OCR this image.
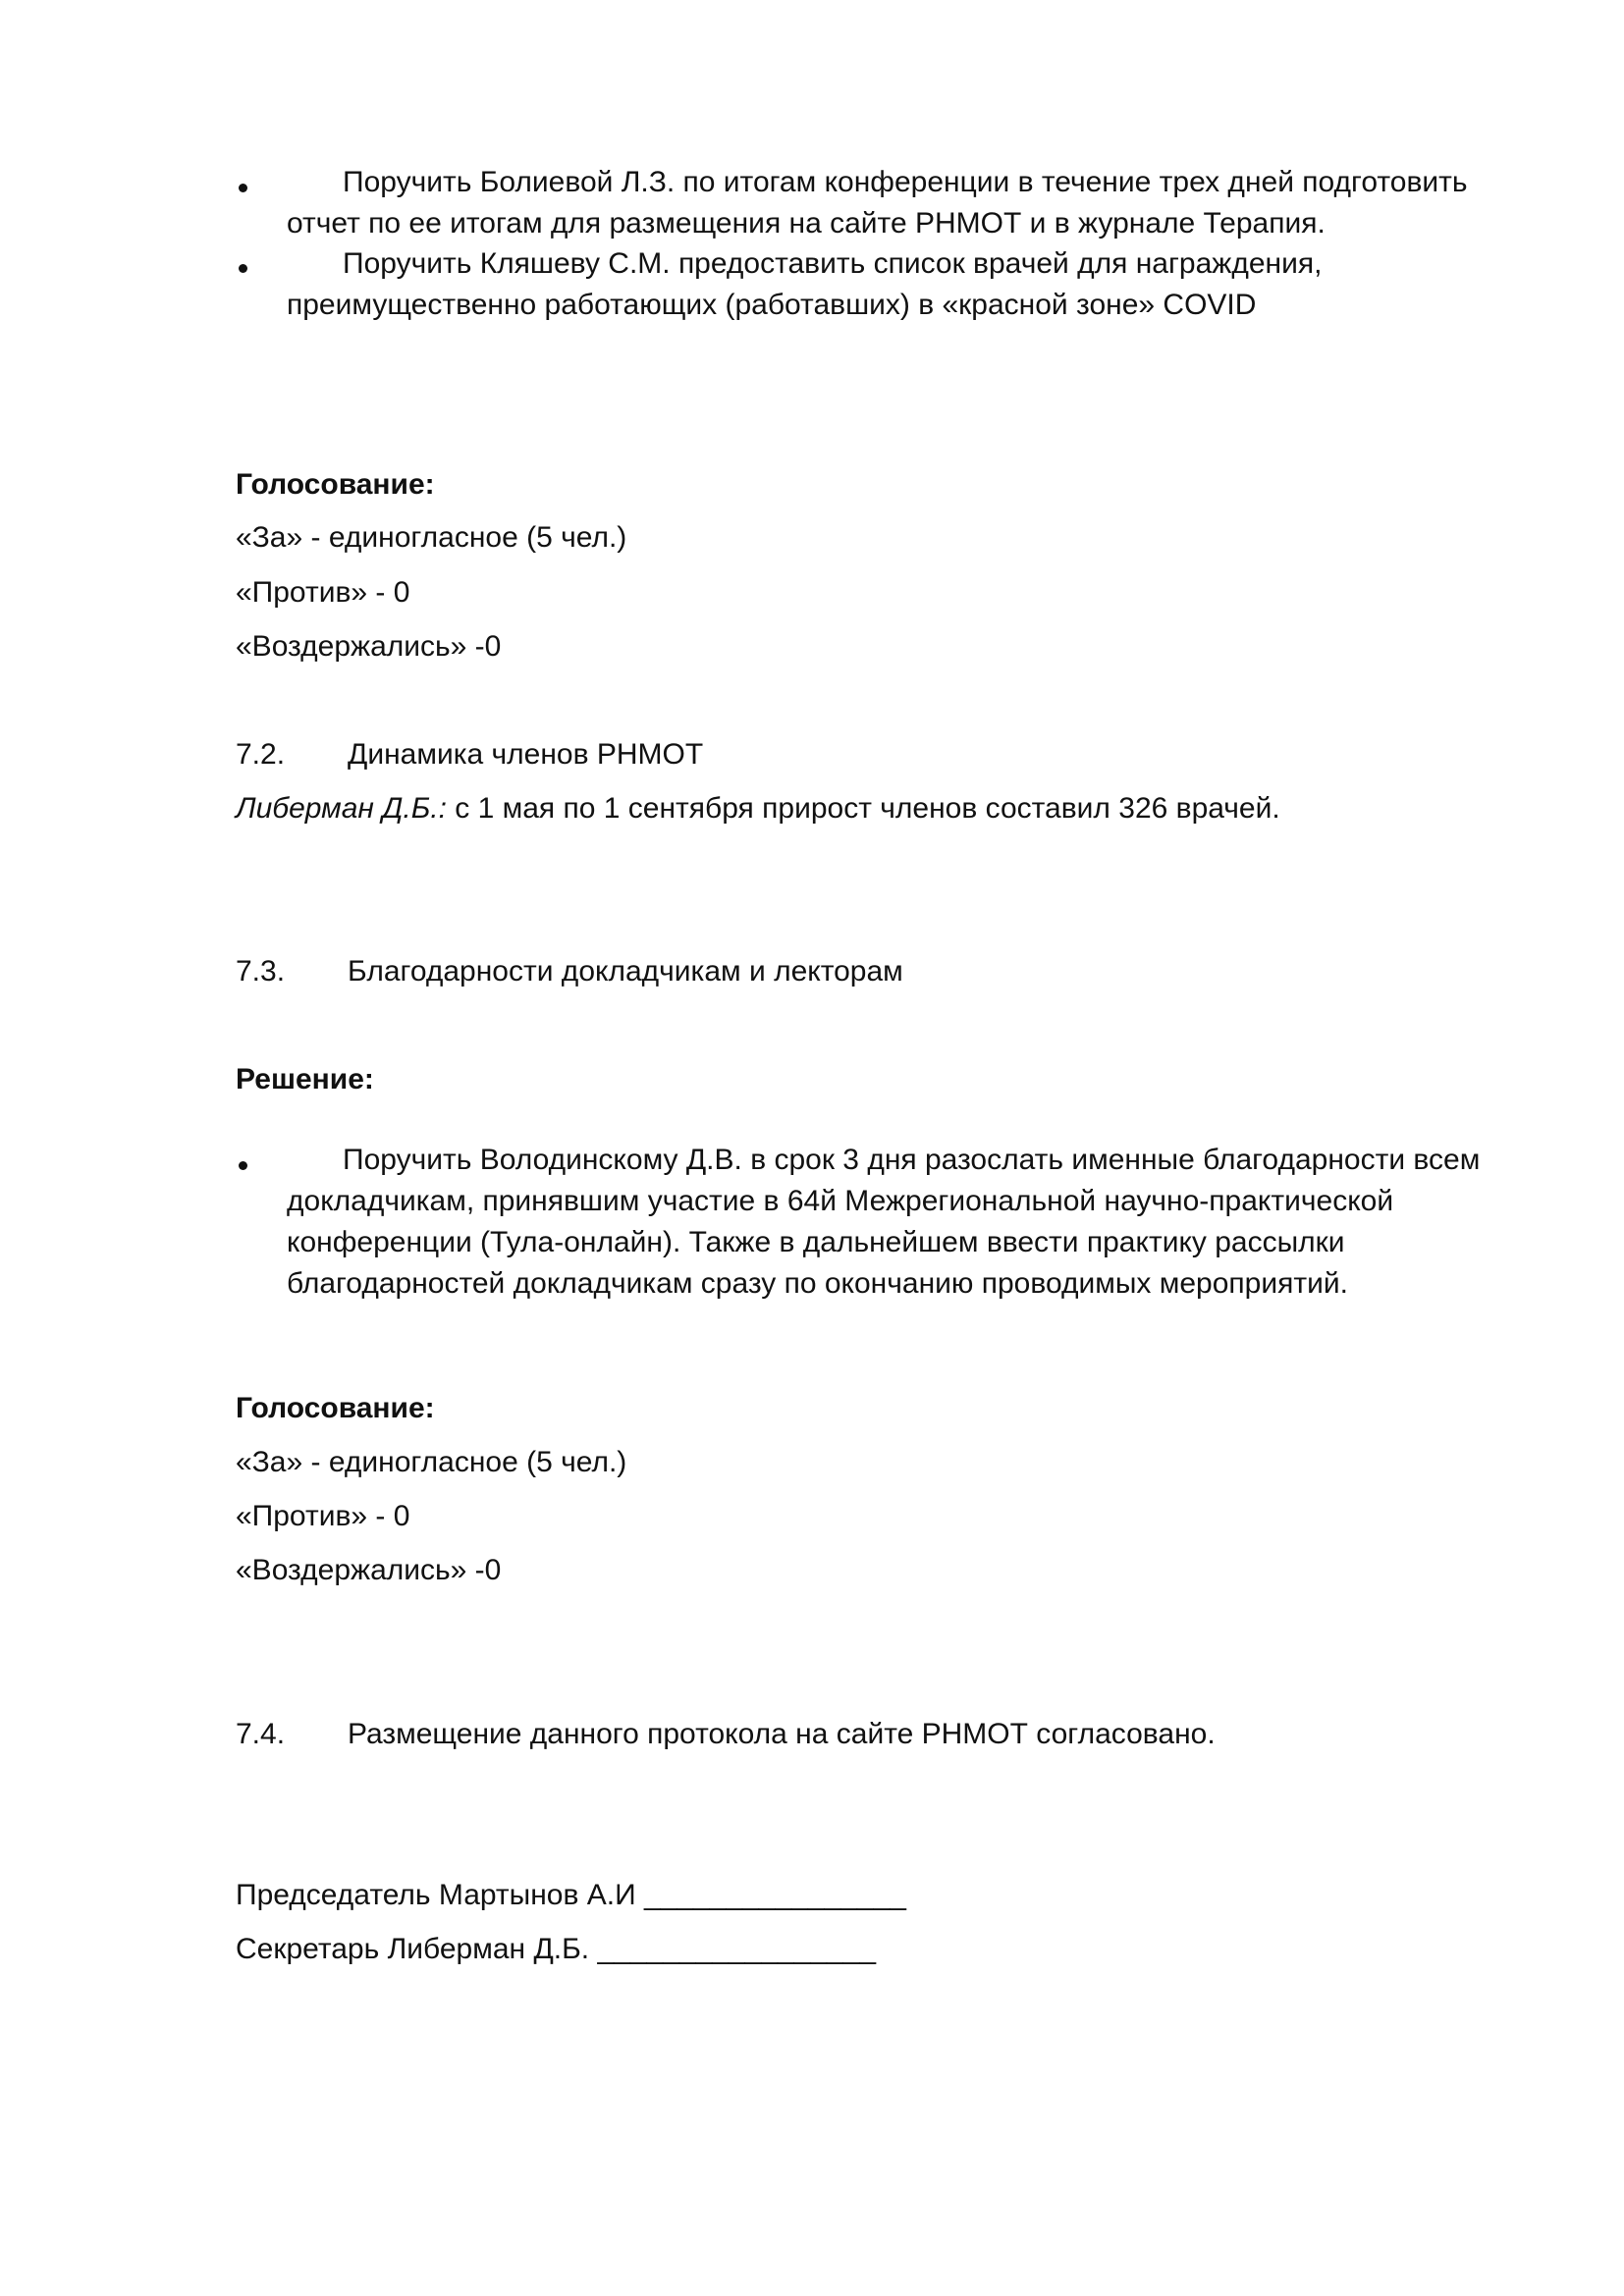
Поручить Болиевой Л.З. по итогам конференции в течение трех дней подготовить
отчет по ее итогам для размещения на сайте РНМОТ и в журнале Терапия.
Поручить Кляшеву С.М. предоставить список врачей для награждения,
преимущественно работающих (работавших) в «красной зоне» COVID
Голосование:
«За» - единогласное (5 чел.)
«Против» - 0
«Воздержались» -0
7.2. Динамика членов РНМОТ
Либерман Д.Б.: с 1 мая по 1 сентября прирост членов составил 326 врачей.
7.3. Благодарности докладчикам и лекторам
Решение:
Поручить Володинскому Д.В. в срок 3 дня разослать именные благодарности всем
докладчикам, принявшим участие в 64й Межрегиональной научно-практической
конференции (Тула-онлайн). Также в дальнейшем ввести практику рассылки
благодарностей докладчикам сразу по окончанию проводимых мероприятий.
Голосование:
«За» - единогласное (5 чел.)
«Против» - 0
«Воздержались» -0
7.4. Размещение данного протокола на сайте РНМОТ согласовано.
Председатель Мартынов А.И ________________
Секретарь Либерман Д.Б. _________________
